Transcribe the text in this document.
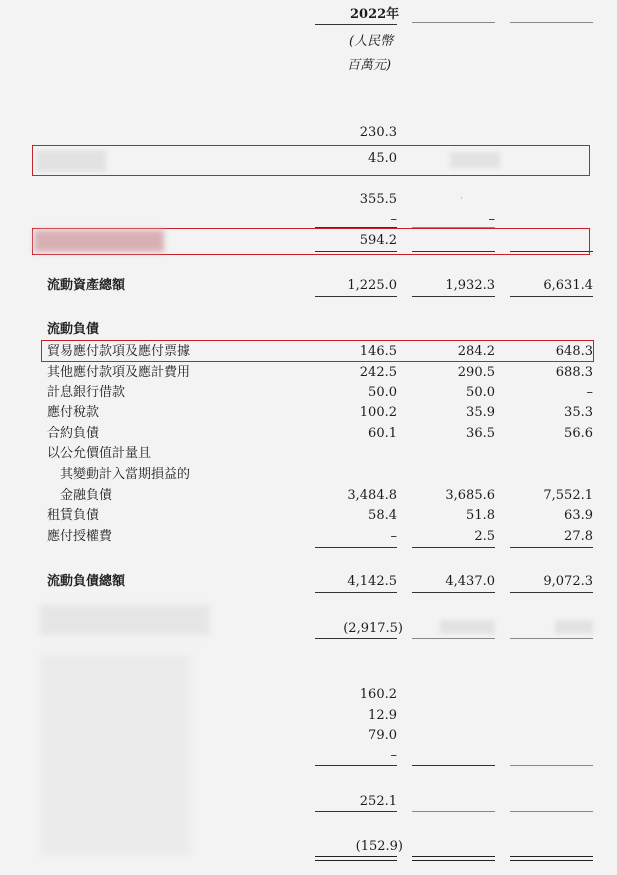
2022年
(人民幣
百萬元)
230.3
45.0
355.5	·
–	–
594.2
流動資產總額	1,225.0	1,932.3	6,631.4
流動負債
貿易應付款項及應付票據	146.5	284.2	648.3
其他應付款項及應計費用	242.5	290.5	688.3
計息銀行借款	50.0	50.0	–
應付稅款	100.2	35.9	35.3
合約負債	60.1	36.5	56.6
以公允價值計量且
其變動計入當期損益的
金融負債	3,484.8	3,685.6	7,552.1
租賃負債	58.4	51.8	63.9
應付授權費	–	2.5	27.8
流動負債總額	4,142.5	4,437.0	9,072.3
(2,917.5)
160.2
12.9
79.0
–
252.1
(152.9)
